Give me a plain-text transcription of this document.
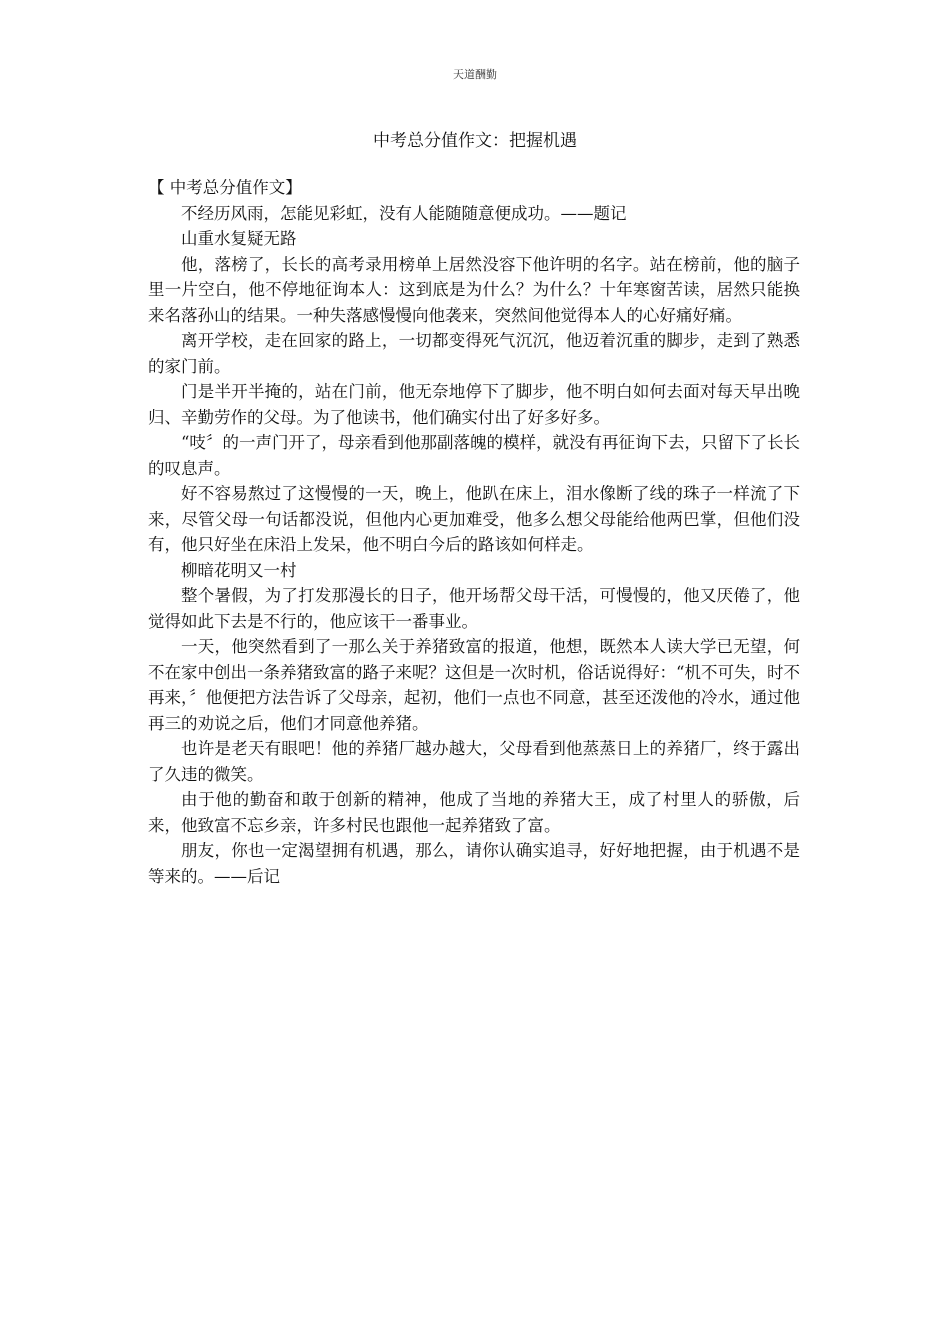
天道酬勤
中考总分值作文：把握机遇

【 中考总分值作文】

不经历风雨，怎能见彩虹，没有人能随随意便成功。——题记

山重水复疑无路

他，落榜了，长长的高考录用榜单上居然没容下他许明的名字。站在榜前，他的脑子里一片空白，他不停地征询本人：这到底是为什么？为什么？十年寒窗苦读，居然只能换来名落孙山的结果。一种失落感慢慢向他袭来，突然间他觉得本人的心好痛好痛。

离开学校，走在回家的路上，一切都变得死气沉沉，他迈着沉重的脚步，走到了熟悉的家门前。

门是半开半掩的，站在门前，他无奈地停下了脚步，他不明白如何去面对每天早出晚归、辛勤劳作的父母。为了他读书，他们确实付出了好多好多。

“吱〞的一声门开了，母亲看到他那副落魄的模样，就没有再征询下去，只留下了长长的叹息声。

好不容易熬过了这慢慢的一天，晚上，他趴在床上，泪水像断了线的珠子一样流了下来，尽管父母一句话都没说，但他内心更加难受，他多么想父母能给他两巴掌，但他们没有，他只好坐在床沿上发呆，他不明白今后的路该如何样走。

柳暗花明又一村

整个暑假，为了打发那漫长的日子，他开场帮父母干活，可慢慢的，他又厌倦了，他觉得如此下去是不行的，他应该干一番事业。

一天，他突然看到了一那么关于养猪致富的报道，他想，既然本人读大学已无望，何不在家中创出一条养猪致富的路子来呢？这但是一次时机，俗话说得好：“机不可失，时不再来，〞他便把方法告诉了父母亲，起初，他们一点也不同意，甚至还泼他的冷水，通过他再三的劝说之后，他们才同意他养猪。

也许是老天有眼吧！他的养猪厂越办越大，父母看到他蒸蒸日上的养猪厂，终于露出了久违的微笑。

由于他的勤奋和敢于创新的精神，他成了当地的养猪大王，成了村里人的骄傲，后来，他致富不忘乡亲，许多村民也跟他一起养猪致了富。

朋友，你也一定渴望拥有机遇，那么，请你认确实追寻，好好地把握，由于机遇不是等来的。——后记
